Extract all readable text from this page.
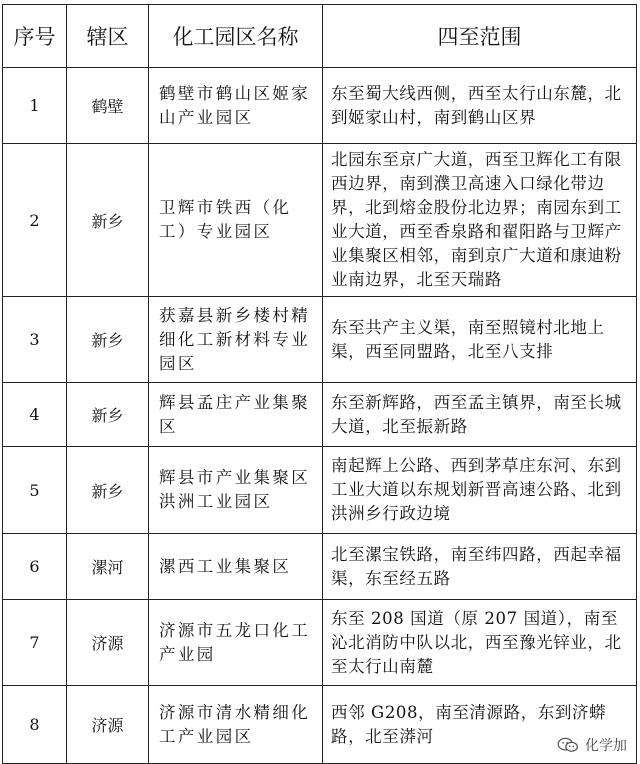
序号	辖区	化工园区名称	四至范围
1	鹤壁	鹤壁市鹤山区姬家山产业园区	东至蜀大线西侧，西至太行山东麓，北到姬家山村，南到鹤山区界
2	新乡	卫辉市铁西（化工）专业园区	北园东至京广大道，西至卫辉化工有限西边界，南到濮卫高速入口绿化带边界，北到熔金股份北边界；南园东到工业大道，西至香泉路和翟阳路与卫辉产业集聚区相邻，南到京广大道和康迪粉业南边界，北至天瑞路
3	新乡	获嘉县新乡楼村精细化工新材料专业园区	东至共产主义渠，南至照镜村北地上渠，西至同盟路，北至八支排
4	新乡	辉县孟庄产业集聚区	东至新辉路，西至孟主镇界，南至长城大道，北至振新路
5	新乡	辉县市产业集聚区洪洲工业园区	南起辉上公路、西到茅草庄东河、东到工业大道以东规划新晋高速公路、北到洪洲乡行政边境
6	漯河	漯西工业集聚区	北至漯宝铁路，南至纬四路，西起幸福渠，东至经五路
7	济源	济源市五龙口化工产业园	东至 208 国道（原 207 国道），南至沁北消防中队以北，西至豫光锌业，北至太行山南麓
8	济源	济源市清水精细化工产业园区	西邻 G208，南至清源路，东到济蟒路，北至漭河
化学加
